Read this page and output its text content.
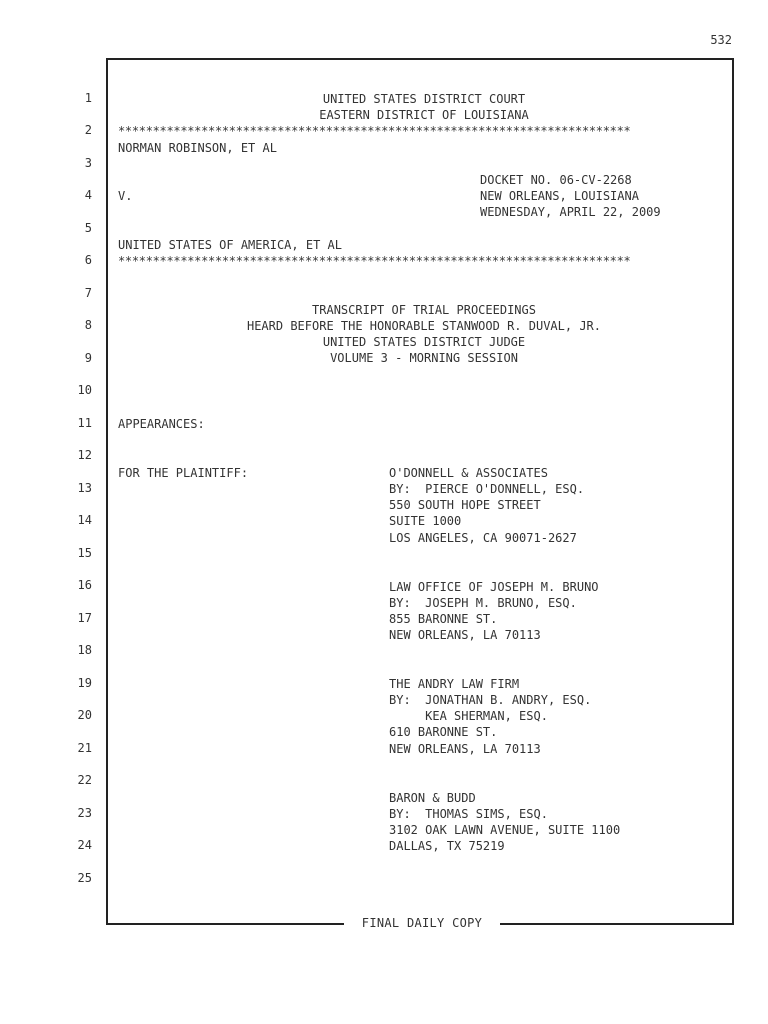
532
FINAL DAILY COPY
1
2
3
4
5
6
7
8
9
10
11
12
13
14
15
16
17
18
19
20
21
22
23
24
25
UNITED STATES DISTRICT COURT
EASTERN DISTRICT OF LOUISIANA
**************************************************************************
NORMAN ROBINSON, ET AL
DOCKET NO. 06-CV-2268
V.	NEW ORLEANS, LOUISIANA
WEDNESDAY, APRIL 22, 2009
UNITED STATES OF AMERICA, ET AL
**************************************************************************
TRANSCRIPT OF TRIAL PROCEEDINGS
HEARD BEFORE THE HONORABLE STANWOOD R. DUVAL, JR.
UNITED STATES DISTRICT JUDGE
VOLUME 3 - MORNING SESSION
APPEARANCES:
FOR THE PLAINTIFF:	O'DONNELL & ASSOCIATES
BY:  PIERCE O'DONNELL, ESQ.
550 SOUTH HOPE STREET
SUITE 1000
LOS ANGELES, CA 90071-2627
LAW OFFICE OF JOSEPH M. BRUNO
BY:  JOSEPH M. BRUNO, ESQ.
855 BARONNE ST.
NEW ORLEANS, LA 70113
THE ANDRY LAW FIRM
BY:  JONATHAN B. ANDRY, ESQ.
KEA SHERMAN, ESQ.
610 BARONNE ST.
NEW ORLEANS, LA 70113
BARON & BUDD
BY:  THOMAS SIMS, ESQ.
3102 OAK LAWN AVENUE, SUITE 1100
DALLAS, TX 75219
